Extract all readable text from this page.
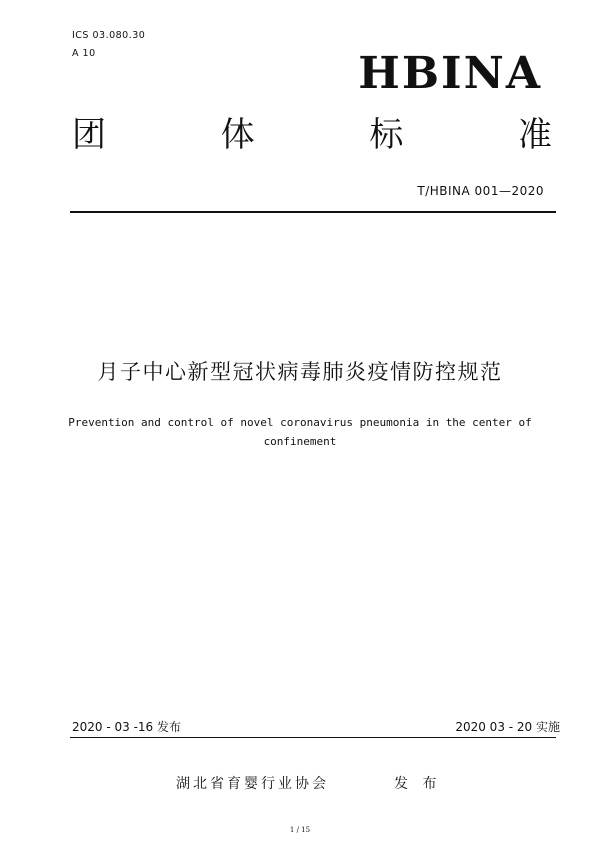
ICS 03.080.30
A 10	HBINA
团	体	标	准
T/HBINA 001—2020
月子中心新型冠状病毒肺炎疫情防控规范
Prevention and control of novel coronavirus pneumonia in the center of
confinement
2020 - 03 -16 发布	2020 03 - 20 实施
湖北省育婴行业协会	发 布
1 / 15
